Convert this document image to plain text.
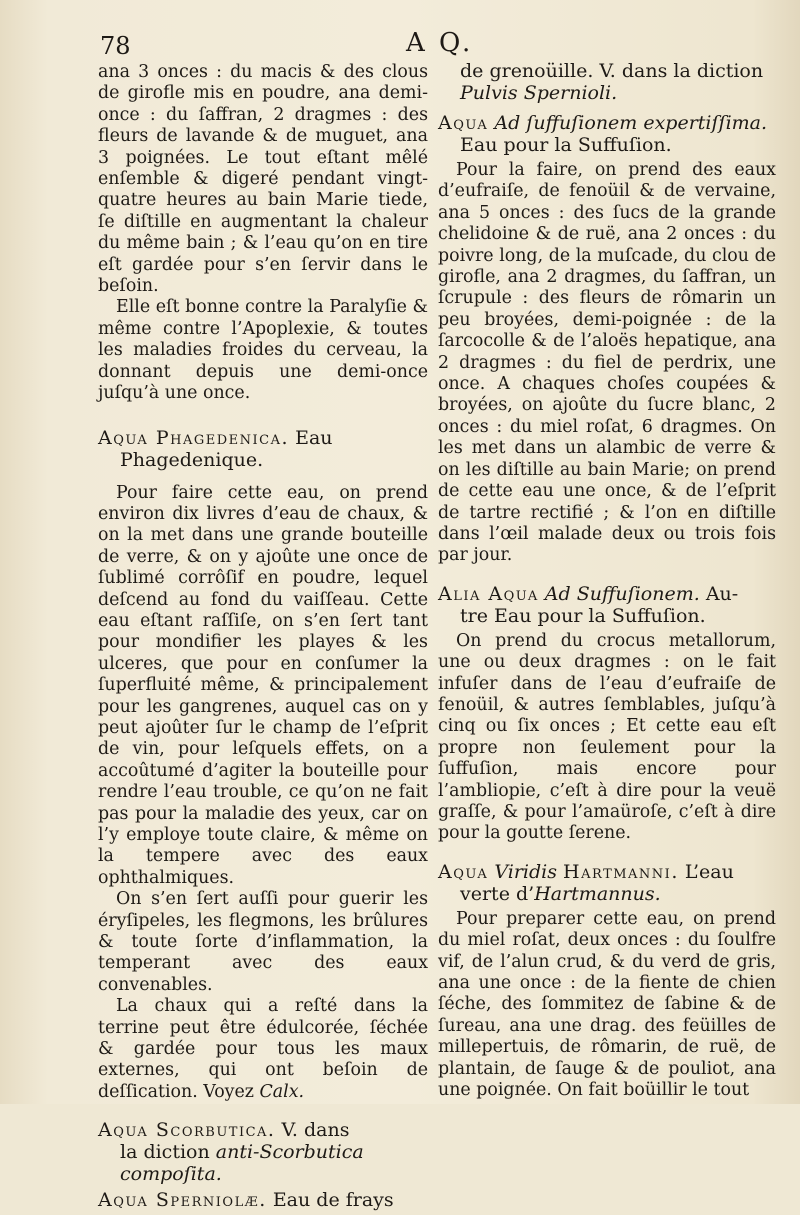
78	A Q.

ana 3 onces : du macis & des clous de girofle mis en poudre, ana demi-once : du ſaffran, 2 dragmes : des fleurs de lavande & de muguet, ana 3 poignées. Le tout eſtant mêlé enſemble & digeré pendant vingt-quatre heures au bain Marie tiede, ſe diſtille en augmentant la chaleur du même bain ; & l’eau qu’on en tire eſt gardée pour s’en ſervir dans le beſoin.

Elle eſt bonne contre la Paralyſie & même contre l’Apoplexie, & toutes les maladies froides du cerveau, la donnant depuis une demi-once juſqu’à une once.

Aqua Phagedenica. Eau
Phagedenique.

Pour faire cette eau, on prend environ dix livres d’eau de chaux, & on la met dans une grande bouteille de verre, & on y ajoûte une once de ſublimé corrôſif en poudre, lequel deſcend au fond du vaiſſeau. Cette eau eſtant raſſiſe, on s’en ſert tant pour mondifier les playes & les ulceres, que pour en conſumer la ſuperfluité même, & principalement pour les gangrenes, auquel cas on y peut ajoûter ſur le champ de l’eſprit de vin, pour leſquels effets, on a accoûtumé d’agiter la bouteille pour rendre l’eau trouble, ce qu’on ne fait pas pour la maladie des yeux, car on l’y employe toute claire, & même on la tempere avec des eaux ophthalmiques.

On s’en ſert auſſi pour guerir les éryſipeles, les flegmons, les brûlures & toute ſorte d’inflammation, la temperant avec des eaux convenables.

La chaux qui a reſté dans la terrine peut être édulcorée, ſéchée & gardée pour tous les maux externes, qui ont beſoin de deſſication. Voyez Calx.

Aqua Scorbutica. V. dans
la diction anti-Scorbutica compoſita.
Aqua Sperniolæ. Eau de frays
de grenoüille. V. dans la diction
Pulvis Spernioli.
Aqua Ad ſuffuſionem expertiſſima.
Eau pour la Suffuſion.

Pour la faire, on prend des eaux d’eufraiſe, de fenoüil & de vervaine, ana 5 onces : des ſucs de la grande chelidoine & de ruë, ana 2 onces : du poivre long, de la muſcade, du clou de girofle, ana 2 dragmes, du ſaffran, un ſcrupule : des fleurs de rômarin un peu broyées, demi-poignée : de la ſarcocolle & de l’aloës hepatique, ana 2 dragmes : du fiel de perdrix, une once. A chaques choſes coupées & broyées, on ajoûte du ſucre blanc, 2 onces : du miel roſat, 6 dragmes. On les met dans un alambic de verre & on les diſtille au bain Marie; on prend de cette eau une once, & de l’eſprit de tartre rectifié ; & l’on en diſtille dans l’œil malade deux ou trois fois par jour.

Alia Aqua Ad Suffuſionem. Au-
tre Eau pour la Suffuſion.

On prend du crocus metallorum, une ou deux dragmes : on le fait infuſer dans de l’eau d’eufraiſe de fenoüil, & autres ſemblables, juſqu’à cinq ou ſix onces ; Et cette eau eſt propre non ſeulement pour la ſuffuſion, mais encore pour l’ambliopie, c’eſt à dire pour la veuë graſſe, & pour l’amaüroſe, c’eſt à dire pour la goutte ſerene.

Aqua Viridis Hartmanni. L’eau
verte d’Hartmannus.

Pour preparer cette eau, on prend du miel roſat, deux onces : du ſoulfre vif, de l’alun crud, & du verd de gris, ana une once : de la fiente de chien ſéche, des ſommitez de ſabine & de ſureau, ana une drag. des feüilles de millepertuis, de rômarin, de ruë, de plantain, de ſauge & de pouliot, ana une poignée. On fait boüillir le tout
